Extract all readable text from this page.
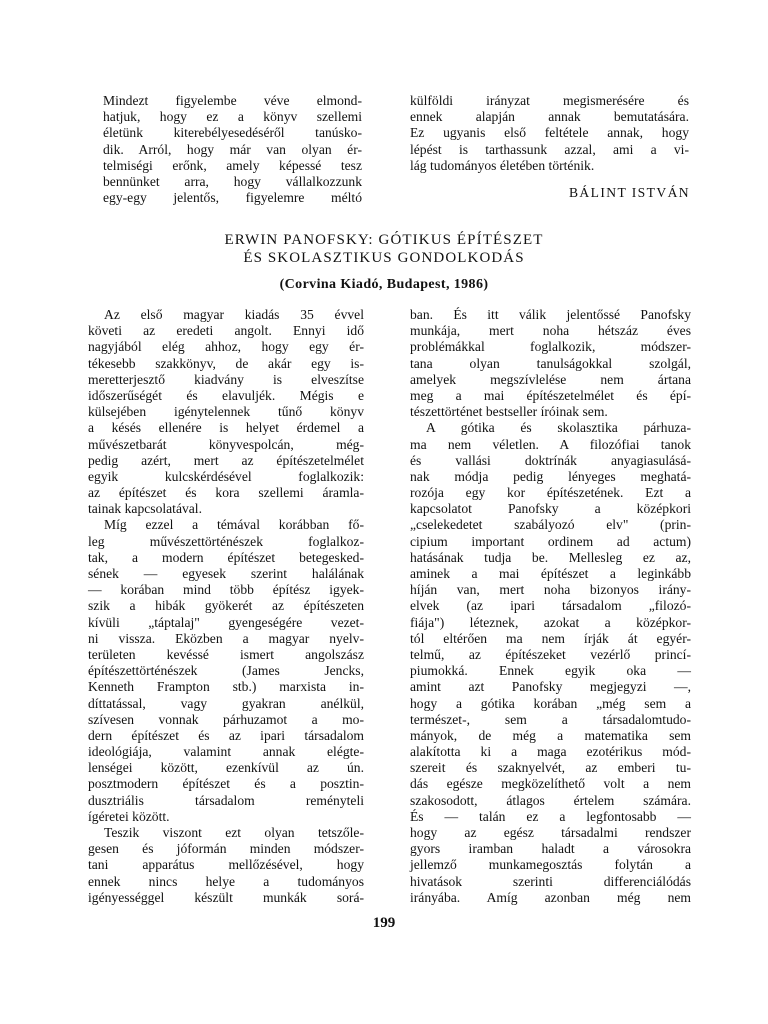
Mindezt figyelembe véve elmond-
hatjuk, hogy ez a könyv szellemi
életünk kiterebélyesedéséről tanúsko-
dik. Arról, hogy már van olyan ér-
telmiségi erőnk, amely képessé tesz
bennünket arra, hogy vállalkozzunk
egy-egy jelentős, figyelemre méltó
külföldi irányzat megismerésére és
ennek alapján annak bemutatására.
Ez ugyanis első feltétele annak, hogy
lépést is tarthassunk azzal, ami a vi-
lág tudományos életében történik.
BÁLINT ISTVÁN
ERWIN PANOFSKY: GÓTIKUS ÉPÍTÉSZET
ÉS SKOLASZTIKUS GONDOLKODÁS
(Corvina Kiadó, Budapest, 1986)
Az első magyar kiadás 35 évvel
követi az eredeti angolt. Ennyi idő
nagyjából elég ahhoz, hogy egy ér-
tékesebb szakkönyv, de akár egy is-
meretterjesztő kiadvány is elveszítse
időszerűségét és elavuljék. Mégis e
külsejében igénytelennek tűnő könyv
a késés ellenére is helyet érdemel a
művészetbarát könyvespolcán, még-
pedig azért, mert az építészetelmélet
egyik kulcskérdésével foglalkozik:
az építészet és kora szellemi áramla-
tainak kapcsolatával.
Míg ezzel a témával korábban fő-
leg művészettörténészek foglalkoz-
tak, a modern építészet betegesked-
sének — egyesek szerint halálának
— korában mind több építész igyek-
szik a hibák gyökerét az építészeten
kívüli „táptalaj" gyengeségére vezet-
ni vissza. Eközben a magyar nyelv-
területen kevéssé ismert angolszász
építészettörténészek (James Jencks,
Kenneth Frampton stb.) marxista in-
díttatással, vagy gyakran anélkül,
szívesen vonnak párhuzamot a mo-
dern építészet és az ipari társadalom
ideológiája, valamint annak elégte-
lenségei között, ezenkívül az ún.
posztmodern építészet és a posztin-
dusztriális társadalom reményteli
ígéretei között.
Teszik viszont ezt olyan tetszőle-
gesen és jóformán minden módszer-
tani apparátus mellőzésével, hogy
ennek nincs helye a tudományos
igényességgel készült munkák sorá-
ban. És itt válik jelentőssé Panofsky
munkája, mert noha hétszáz éves
problémákkal foglalkozik, módszer-
tana olyan tanulságokkal szolgál,
amelyek megszívlelése nem ártana
meg a mai építészetelmélet és épí-
tészettörténet bestseller íróinak sem.
A gótika és skolasztika párhuza-
ma nem véletlen. A filozófiai tanok
és vallási doktrínák anyagiasulásá-
nak módja pedig lényeges meghatá-
rozója egy kor építészetének. Ezt a
kapcsolatot Panofsky a középkori
„cselekedetet szabályozó elv" (prin-
cipium important ordinem ad actum)
hatásának tudja be. Mellesleg ez az,
aminek a mai építészet a leginkább
híján van, mert noha bizonyos irány-
elvek (az ipari társadalom „filozó-
fiája") léteznek, azokat a középkor-
tól eltérően ma nem írják át egyér-
telmű, az építészeket vezérlő princí-
piumokká. Ennek egyik oka —
amint azt Panofsky megjegyzi —,
hogy a gótika korában „még sem a
természet-, sem a társadalomtudo-
mányok, de még a matematika sem
alakította ki a maga ezotérikus mód-
szereit és szaknyelvét, az emberi tu-
dás egésze megközelíthető volt a nem
szakosodott, átlagos értelem számára.
És — talán ez a legfontosabb —
hogy az egész társadalmi rendszer
gyors iramban haladt a városokra
jellemző munkamegosztás folytán a
hivatások szerinti differenciálódás
irányába. Amíg azonban még nem
199
